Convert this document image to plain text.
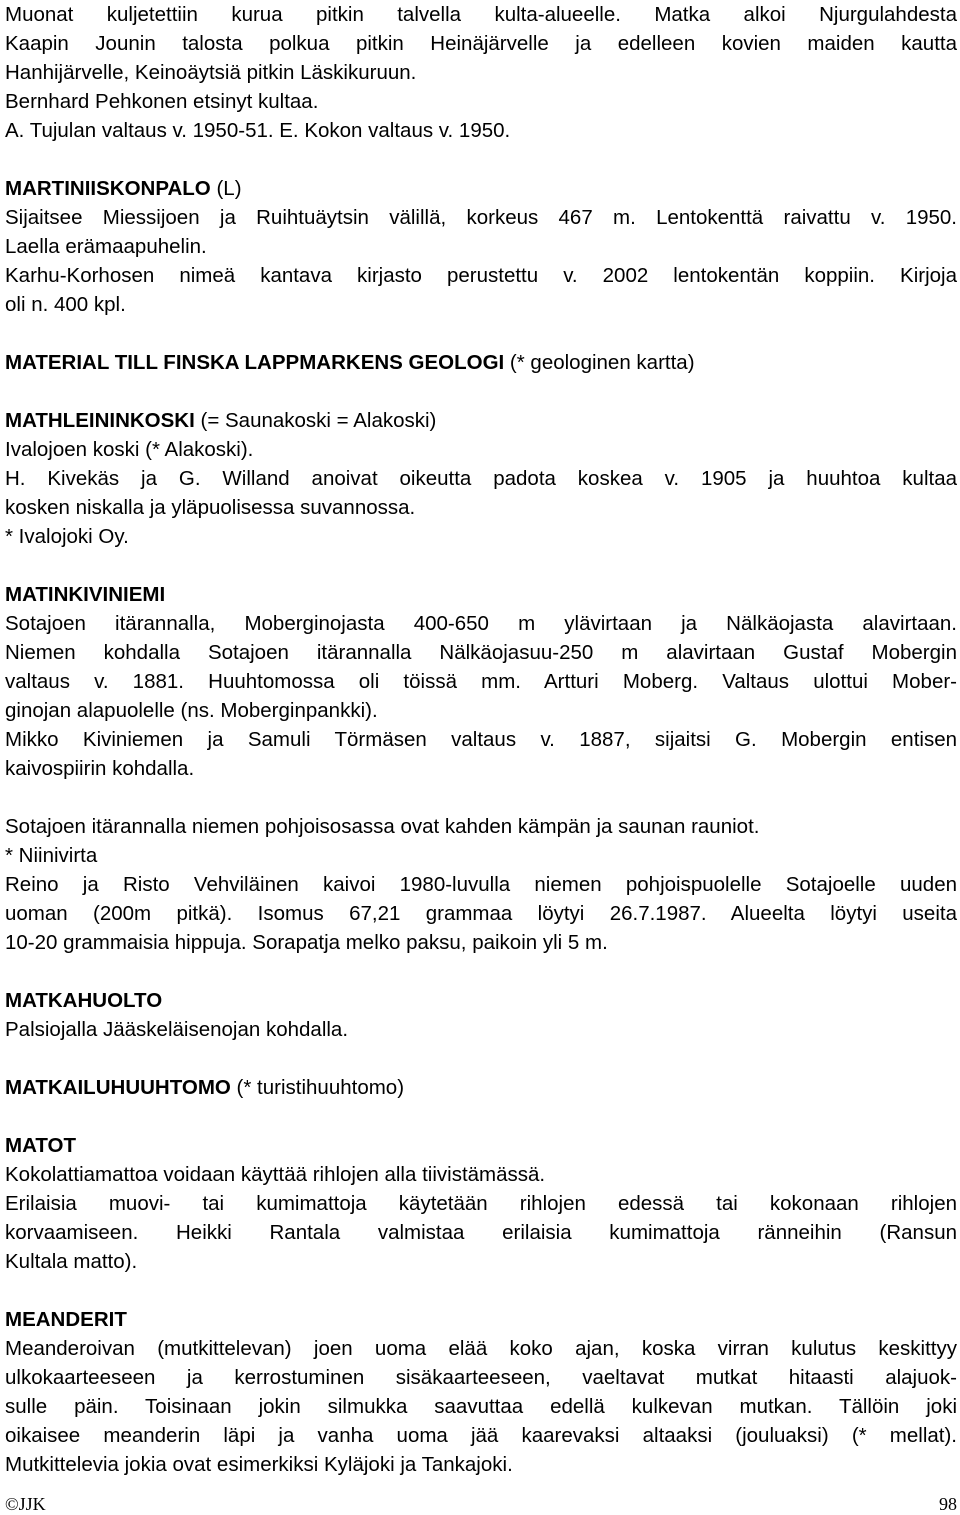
Muonat kuljetettiin kurua pitkin talvella kulta-alueelle. Matka alkoi Njurgulahdesta
Kaapin Jounin talosta polkua pitkin Heinäjärvelle ja edelleen kovien maiden kautta
Hanhijärvelle, Keinoäytsiä pitkin Läskikuruun.
Bernhard Pehkonen etsinyt kultaa.
A. Tujulan valtaus v. 1950-51. E. Kokon valtaus v. 1950.
MARTINIISKONPALO (L)
Sijaitsee Miessijoen ja Ruihtuäytsin välillä, korkeus 467 m. Lentokenttä raivattu v. 1950.
Laella erämaapuhelin.
Karhu-Korhosen nimeä kantava kirjasto perustettu v. 2002 lentokentän koppiin. Kirjoja
oli n. 400 kpl.
MATERIAL TILL FINSKA LAPPMARKENS GEOLOGI (* geologinen kartta)
MATHLEININKOSKI (= Saunakoski = Alakoski)
Ivalojoen koski (* Alakoski).
H. Kivekäs ja G. Willand anoivat oikeutta padota koskea v. 1905 ja huuhtoa kultaa
kosken niskalla ja yläpuolisessa suvannossa.
* Ivalojoki Oy.
MATINKIVINIEMI
Sotajoen itärannalla, Moberginojasta 400-650 m ylävirtaan ja Nälkäojasta alavirtaan.
Niemen kohdalla Sotajoen itärannalla Nälkäojasuu-250 m alavirtaan Gustaf Mobergin
valtaus v. 1881. Huuhtomossa oli töissä mm. Artturi Moberg. Valtaus ulottui Mober-
ginojan alapuolelle (ns. Moberginpankki).
Mikko Kiviniemen ja Samuli Törmäsen valtaus v. 1887, sijaitsi G. Mobergin entisen
kaivospiirin kohdalla.
Sotajoen itärannalla niemen pohjoisosassa ovat kahden kämpän ja saunan rauniot.
* Niinivirta
Reino ja Risto Vehviläinen kaivoi 1980-luvulla niemen pohjoispuolelle Sotajoelle uuden
uoman (200m pitkä). Isomus 67,21 grammaa löytyi 26.7.1987. Alueelta löytyi useita
10-20 grammaisia hippuja. Sorapatja melko paksu, paikoin yli 5 m.
MATKAHUOLTO
Palsiojalla Jääskeläisenojan kohdalla.
MATKAILUHUUHTOMO (* turistihuuhtomo)
MATOT
Kokolattiamattoa voidaan käyttää rihlojen alla tiivistämässä.
Erilaisia muovi- tai kumimattoja käytetään rihlojen edessä tai kokonaan rihlojen
korvaamiseen. Heikki Rantala valmistaa erilaisia kumimattoja ränneihin (Ransun
Kultala matto).
MEANDERIT
Meanderoivan (mutkittelevan) joen uoma elää koko ajan, koska virran kulutus keskittyy
ulkokaarteeseen ja kerrostuminen sisäkaarteeseen, vaeltavat mutkat hitaasti alajuok-
sulle päin. Toisinaan jokin silmukka saavuttaa edellä kulkevan mutkan. Tällöin joki
oikaisee meanderin läpi ja vanha uoma jää kaarevaksi altaaksi (jouluaksi) (* mellat).
Mutkittelevia jokia ovat esimerkiksi Kyläjoki ja Tankajoki.
©JJK	98
